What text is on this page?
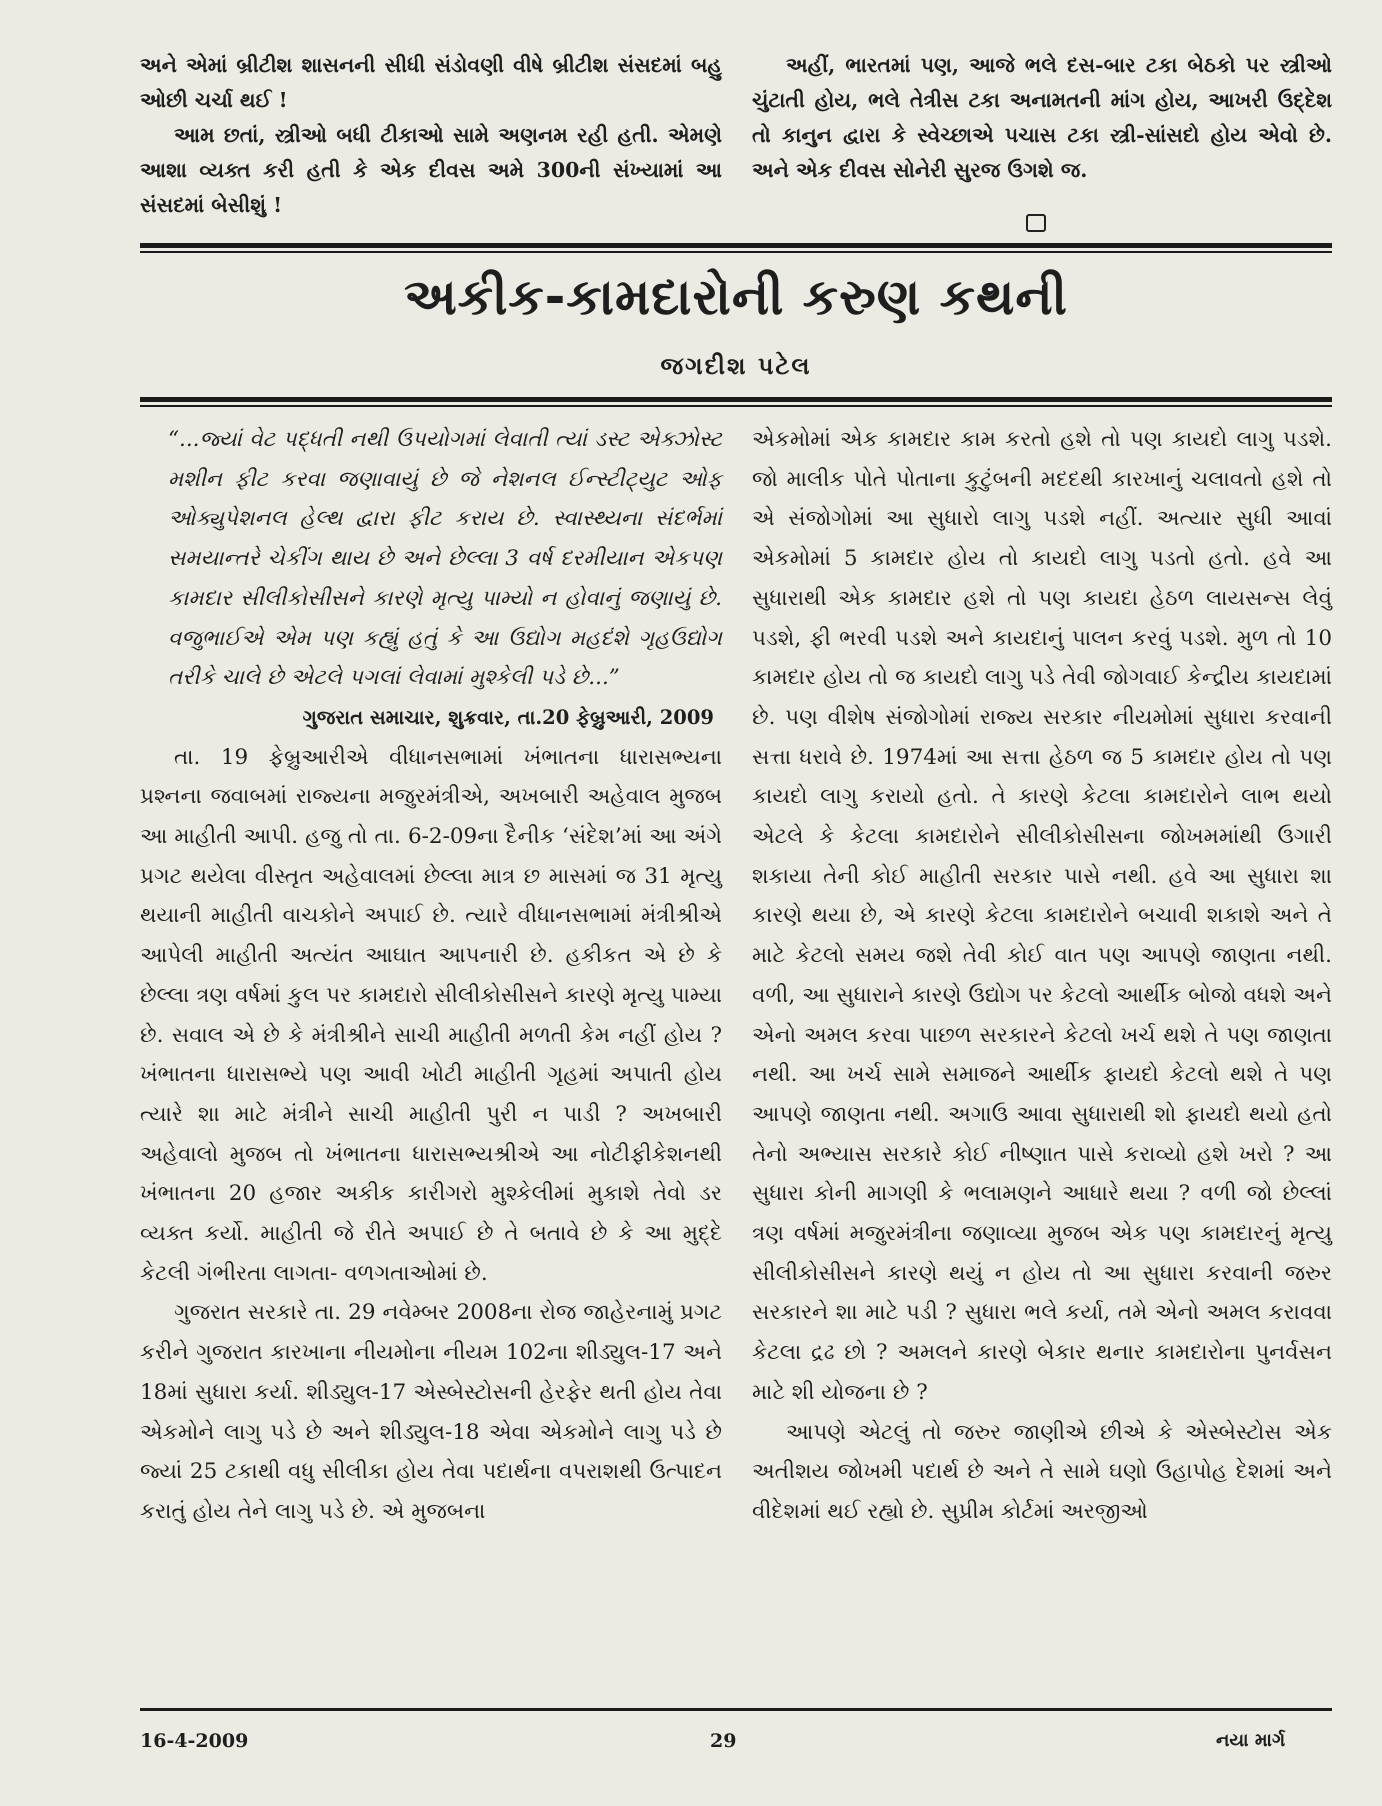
અને એમાં બ્રીટીશ શાસનની સીધી સંડોવણી વીષે બ્રીટીશ સંસદમાં બહુ ઓછી ચર્ચા થઈ !

આમ છતાં, સ્ત્રીઓ બધી ટીકાઓ સામે અણનમ રહી હતી. એમણે આશા વ્યક્ત કરી હતી કે એક દીવસ અમે 300ની સંખ્યામાં આ સંસદમાં બેસીશું !

અહીં, ભારતમાં પણ, આજે ભલે દસ-બાર ટકા બેઠકો પર સ્ત્રીઓ ચુંટાતી હોય, ભલે તેત્રીસ ટકા અનામતની માંગ હોય, આખરી ઉદ્દેશ તો કાનુન દ્વારા કે સ્વેચ્છાએ પચાસ ટકા સ્ત્રી-સાંસદો હોય એવો છે. અને એક દીવસ સોનેરી સુરજ ઉગશે જ.

અકીક-કામદારોની કરુણ કથની
જગદીશ પટેલ

“...જ્યાં વેટ પદ્ધતી નથી ઉપયોગમાં લેવાતી ત્યાં ડસ્ટ એક્ઝોસ્ટ મશીન ફીટ કરવા જણાવાયું છે જે નેશનલ ઈન્સ્ટીટ્યુટ ઓફ ઓક્યુપેશનલ હેલ્થ દ્વારા ફીટ કરાય છે. સ્વાસ્થ્યના સંદર્ભમાં સમયાન્તરે ચેકીંગ થાય છે અને છેલ્લા 3 વર્ષ દરમીયાન એકપણ કામદાર સીલીકોસીસને કારણે મૃત્યુ પામ્યો ન હોવાનું જણાયું છે. વજુભાઈએ એમ પણ કહ્યું હતું કે આ ઉદ્યોગ મહદંશે ગૃહઉદ્યોગ તરીકે ચાલે છે એટલે પગલાં લેવામાં મુશ્કેલી પડે છે...”

ગુજરાત સમાચાર, શુક્રવાર, તા.20 ફેબ્રુઆરી, 2009

તા. 19 ફેબ્રુઆરીએ વીધાનસભામાં ખંભાતના ધારાસભ્યના પ્રશ્નના જવાબમાં રાજ્યના મજુરમંત્રીએ, અખબારી અહેવાલ મુજબ આ માહીતી આપી. હજુ તો તા. 6-2-09ના દૈનીક ‘સંદેશ’માં આ અંગે પ્રગટ થયેલા વીસ્તૃત અહેવાલમાં છેલ્લા માત્ર છ માસમાં જ 31 મૃત્યુ થયાની માહીતી વાચકોને અપાઈ છે. ત્યારે વીધાનસભામાં મંત્રીશ્રીએ આપેલી માહીતી અત્યંત આઘાત આપનારી છે. હકીકત એ છે કે છેલ્લા ત્રણ વર્ષમાં કુલ પર કામદારો સીલીકોસીસને કારણે મૃત્યુ પામ્યા છે. સવાલ એ છે કે મંત્રીશ્રીને સાચી માહીતી મળતી કેમ નહીં હોય ? ખંભાતના ધારાસભ્યે પણ આવી ખોટી માહીતી ગૃહમાં અપાતી હોય ત્યારે શા માટે મંત્રીને સાચી માહીતી પુરી ન પાડી ? અખબારી અહેવાલો મુજબ તો ખંભાતના ધારાસભ્યશ્રીએ આ નોટીફીકેશનથી ખંભાતના 20 હજાર અકીક કારીગરો મુશ્કેલીમાં મુકાશે તેવો ડર વ્યક્ત કર્યો. માહીતી જે રીતે અપાઈ છે તે બતાવે છે કે આ મુદ્દે કેટલી ગંભીરતા લાગતા- વળગતાઓમાં છે.

ગુજરાત સરકારે તા. 29 નવેમ્બર 2008ના રોજ જાહેરનામું પ્રગટ કરીને ગુજરાત કારખાના નીયમોના નીયમ 102ના શીડ્યુલ-17 અને 18માં સુધારા કર્યા. શીડ્યુલ-17 એસ્બેસ્ટોસની હેરફેર થતી હોય તેવા એકમોને લાગુ પડે છે અને શીડ્યુલ-18 એવા એકમોને લાગુ પડે છે જ્યાં 25 ટકાથી વધુ સીલીકા હોય તેવા પદાર્થના વપરાશથી ઉત્પાદન કરાતું હોય તેને લાગુ પડે છે. એ મુજબના

એકમોમાં એક કામદાર કામ કરતો હશે તો પણ કાયદો લાગુ પડશે. જો માલીક પોતે પોતાના કુટુંબની મદદથી કારખાનું ચલાવતો હશે તો એ સંજોગોમાં આ સુધારો લાગુ પડશે નહીં. અત્યાર સુધી આવાં એકમોમાં 5 કામદાર હોય તો કાયદો લાગુ પડતો હતો. હવે આ સુધારાથી એક કામદાર હશે તો પણ કાયદા હેઠળ લાયસન્સ લેવું પડશે, ફી ભરવી પડશે અને કાયદાનું પાલન કરવું પડશે. મુળ તો 10 કામદાર હોય તો જ કાયદો લાગુ પડે તેવી જોગવાઈ કેન્દ્રીય કાયદામાં છે. પણ વીશેષ સંજોગોમાં રાજ્ય સરકાર નીયમોમાં સુધારા કરવાની સત્તા ધરાવે છે. 1974માં આ સત્તા હેઠળ જ 5 કામદાર હોય તો પણ કાયદો લાગુ કરાયો હતો. તે કારણે કેટલા કામદારોને લાભ થયો એટલે કે કેટલા કામદારોને સીલીકોસીસના જોખમમાંથી ઉગારી શકાયા તેની કોઈ માહીતી સરકાર પાસે નથી. હવે આ સુધારા શા કારણે થયા છે, એ કારણે કેટલા કામદારોને બચાવી શકાશે અને તે માટે કેટલો સમય જશે તેવી કોઈ વાત પણ આપણે જાણતા નથી. વળી, આ સુધારાને કારણે ઉદ્યોગ પર કેટલો આર્થીક બોજો વધશે અને એનો અમલ કરવા પાછળ સરકારને કેટલો ખર્ચ થશે તે પણ જાણતા નથી. આ ખર્ચ સામે સમાજને આર્થીક ફાયદો કેટલો થશે તે પણ આપણે જાણતા નથી. અગાઉ આવા સુધારાથી શો ફાયદો થયો હતો તેનો અભ્યાસ સરકારે કોઈ નીષ્ણાત પાસે કરાવ્યો હશે ખરો ? આ સુધારા કોની માગણી કે ભલામણને આધારે થયા ? વળી જો છેલ્લાં ત્રણ વર્ષમાં મજુરમંત્રીના જણાવ્યા મુજબ એક પણ કામદારનું મૃત્યુ સીલીકોસીસને કારણે થયું ન હોય તો આ સુધારા કરવાની જરુર સરકારને શા માટે પડી ? સુધારા ભલે કર્યા, તમે એનો અમલ કરાવવા કેટલા દ્રઢ છો ? અમલને કારણે બેકાર થનાર કામદારોના પુનર્વસન માટે શી યોજના છે ?

આપણે એટલું તો જરુર જાણીએ છીએ કે એસ્બેસ્ટોસ એક અતીશય જોખમી પદાર્થ છે અને તે સામે ઘણો ઉહાપોહ દેશમાં અને વીદેશમાં થઈ રહ્યો છે. સુપ્રીમ કોર્ટમાં અરજીઓ

16-4-2009	29	નયા માર્ગ
